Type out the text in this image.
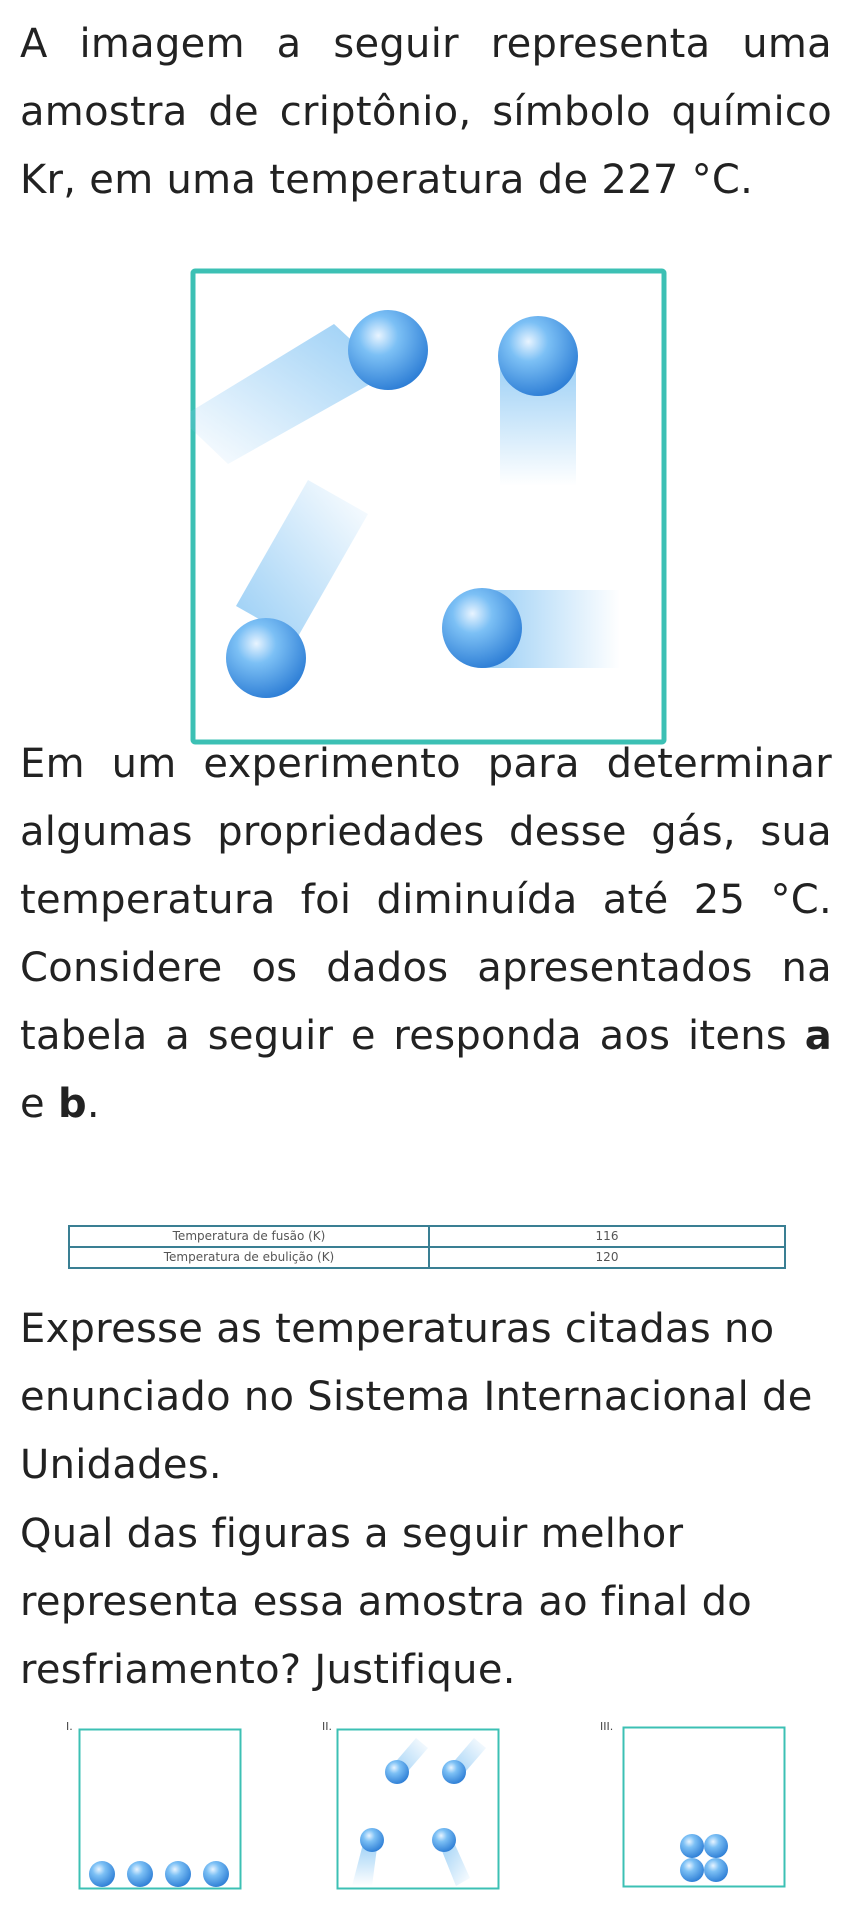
A imagem a seguir representa uma amostra de criptônio, símbolo químico Kr, em uma temperatura de 227 °C.

Em um experimento para determinar algumas propriedades desse gás, sua temperatura foi diminuída até 25 °C. Considere os dados apresentados na tabela a seguir e responda aos itens a e b.

Temperatura de fusão (K)	116
Temperatura de ebulição (K)	120

Expresse as temperaturas citadas no enunciado no Sistema Internacional de Unidades.

Qual das figuras a seguir melhor representa essa amostra ao final do resfriamento? Justifique.

I.	II.	III.
